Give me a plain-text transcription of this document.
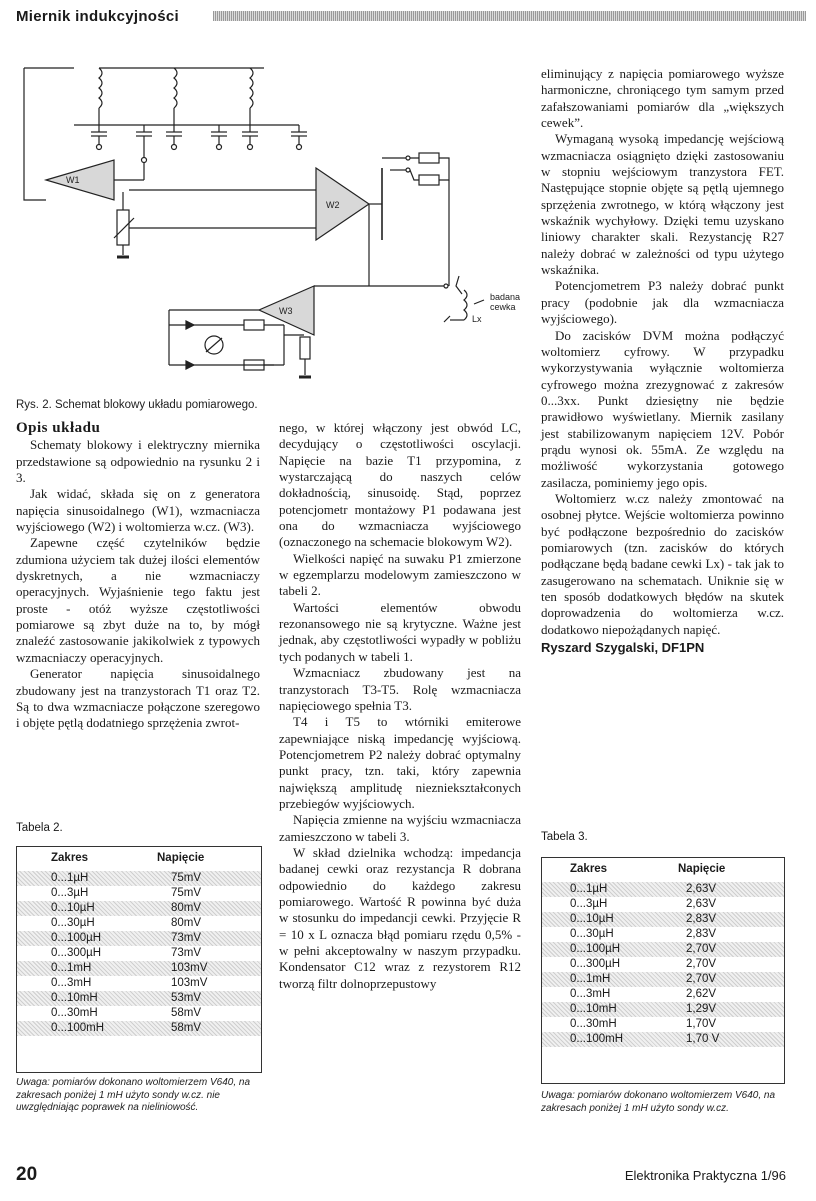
Miernik indukcyjności
W1
W2
W3
badana
cewka
Lx
Rys. 2. Schemat blokowy układu pomiarowego.
Opis układu

Schematy blokowy i elektryczny miernika przedstawione są odpowiednio na rysunku 2 i 3.

Jak widać, składa się on z generatora napięcia sinusoidalnego (W1), wzmacniacza wyjściowego (W2) i woltomierza w.cz. (W3).

Zapewne część czytelników będzie zdumiona użyciem tak dużej ilości elementów dyskretnych, a nie wzmacniaczy operacyjnych. Wyjaśnienie tego faktu jest proste - otóż wyższe częstotliwości pomiarowe są zbyt duże na to, by mógł znaleźć zastosowanie jakikolwiek z typowych wzmacniaczy operacyjnych.

Generator napięcia sinusoidalnego zbudowany jest na tranzystorach T1 oraz T2. Są to dwa wzmacniacze połączone szeregowo i objęte pętlą dodatniego sprzężenia zwrot-

nego, w której włączony jest obwód LC, decydujący o częstotliwości oscylacji. Napięcie na bazie T1 przypomina, z wystarczającą do naszych celów dokładnością, sinusoidę. Stąd, poprzez potencjometr montażowy P1 podawana jest ona do wzmacniacza wyjściowego (oznaczonego na schemacie blokowym W2).

Wielkości napięć na suwaku P1 zmierzone w egzemplarzu modelowym zamieszczono w tabeli 2.

Wartości elementów obwodu rezonansowego nie są krytyczne. Ważne jest jednak, aby częstotliwości wypadły w pobliżu tych podanych w tabeli 1.

Wzmacniacz zbudowany jest na tranzystorach T3-T5. Rolę wzmacniacza napięciowego spełnia T3.

T4 i T5 to wtórniki emiterowe zapewniające niską impedancję wyjściową. Potencjometrem P2 należy dobrać optymalny punkt pracy, tzn. taki, który zapewnia największą amplitudę niezniekształconych przebiegów wyjściowych.

Napięcia zmienne na wyjściu wzmacniacza zamieszczono w tabeli 3.

W skład dzielnika wchodzą: impedancja badanej cewki oraz rezystancja R dobrana odpowiednio do każdego zakresu pomiarowego. Wartość R powinna być duża w stosunku do impedancji cewki. Przyjęcie R = 10 x L oznacza błąd pomiaru rzędu 0,5% - w pełni akceptowalny w naszym przypadku. Kondensator C12 wraz z rezystorem R12 tworzą filtr dolnoprzepustowy

eliminujący z napięcia pomiarowego wyższe harmoniczne, chroniącego tym samym przed zafałszowaniami pomiarów dla „większych cewek”.

Wymaganą wysoką impedancję wejściową wzmacniacza osiągnięto dzięki zastosowaniu w stopniu wejściowym tranzystora FET. Następujące stopnie objęte są pętlą ujemnego sprzężenia zwrotnego, w którą włączony jest wskaźnik wychyłowy. Dzięki temu uzyskano liniowy charakter skali. Rezystancję R27 należy dobrać w zależności od typu użytego wskaźnika.

Potencjometrem P3 należy dobrać punkt pracy (podobnie jak dla wzmacniacza wyjściowego).

Do zacisków DVM można podłączyć woltomierz cyfrowy. W przypadku wykorzystywania wyłącznie woltomierza cyfrowego można zrezygnować z zakresów 0...3xx. Punkt dziesiętny nie będzie prawidłowo wyświetlany. Miernik zasilany jest stabilizowanym napięciem 12V. Pobór prądu wynosi ok. 55mA. Ze względu na możliwość wykorzystania gotowego zasilacza, pominiemy jego opis.

Woltomierz w.cz należy zmontować na osobnej płytce. Wejście woltomierza powinno być podłączone bezpośrednio do zacisków pomiarowych (tzn. zacisków do których podłączane będą badane cewki Lx) - tak jak to zasugerowano na schematach. Uniknie się w ten sposób dodatkowych błędów na skutek doprowadzenia do woltomierza w.cz. dodatkowo niepożądanych napięć.

Ryszard Szygalski, DF1PN
Tabela 2.
Zakres	Napięcie
0...1µH	75mV
0...3µH	75mV
0...10µH	80mV
0...30µH	80mV
0...100µH	73mV
0...300µH	73mV
0...1mH	103mV
0...3mH	103mV
0...10mH	53mV
0...30mH	58mV
0...100mH	58mV
Uwaga: pomiarów dokonano woltomierzem V640, na zakresach poniżej 1 mH użyto sondy w.cz. nie uwzględniając poprawek na nieliniowość.
Tabela 3.
Zakres	Napięcie
0...1µH	2,63V
0...3µH	2,63V
0...10µH	2,83V
0...30µH	2,83V
0...100µH	2,70V
0...300µH	2,70V
0...1mH	2,70V
0...3mH	2,62V
0...10mH	1,29V
0...30mH	1,70V
0...100mH	1,70 V
Uwaga: pomiarów dokonano woltomierzem V640, na zakresach poniżej 1 mH użyto sondy w.cz.
20	Elektronika Praktyczna 1/96
